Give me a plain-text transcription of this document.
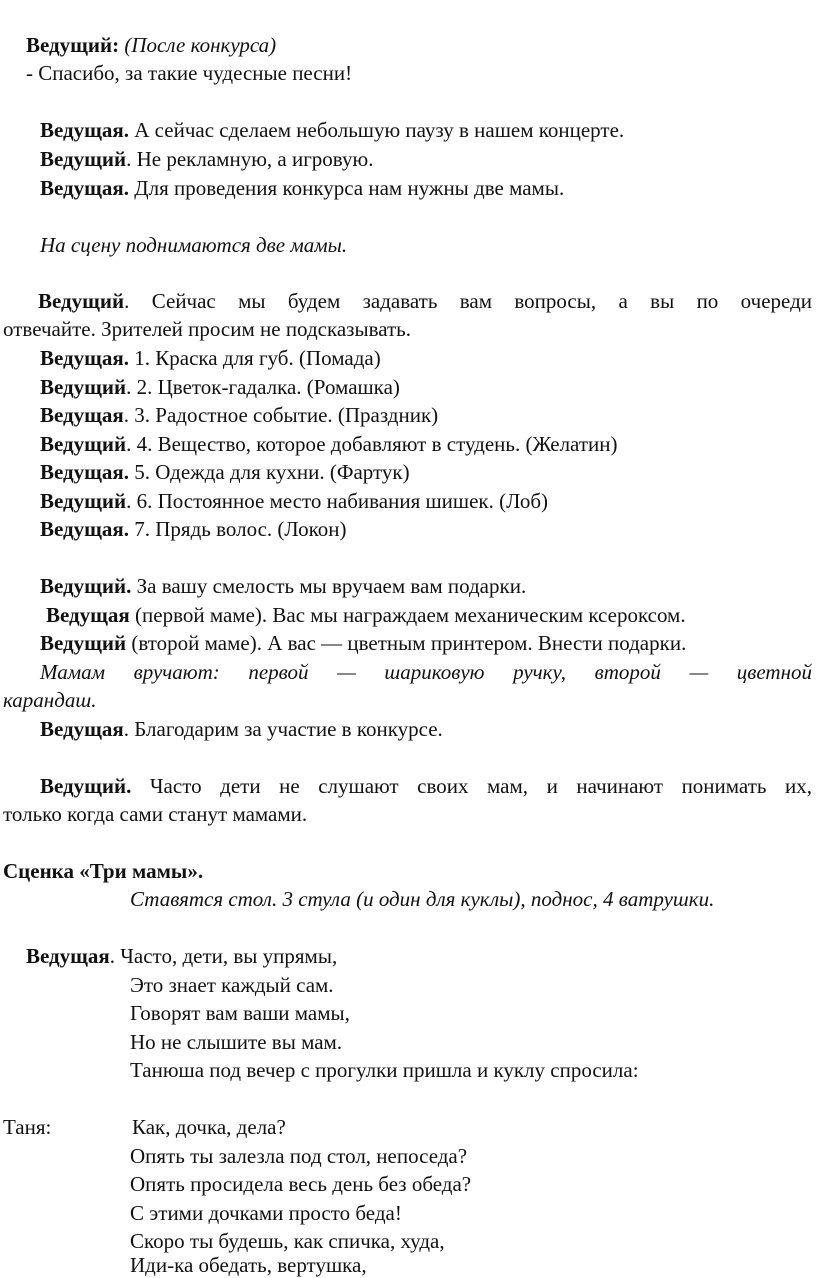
Ведущий: (После конкурса)
- Спасибо, за такие чудесные песни!
Ведущая. А сейчас сделаем небольшую паузу в нашем концерте.
Ведущий. Не рекламную, а игровую.
Ведущая. Для проведения конкурса нам нужны две мамы.
На сцену поднимаются две мамы.
Ведущий. Сейчас мы будем задавать вам вопросы, а вы по очереди
отвечайте. Зрителей просим не подсказывать.
Ведущая. 1. Краска для губ. (Помада)
Ведущий. 2. Цветок-гадалка. (Ромашка)
Ведущая. 3. Радостное событие. (Праздник)
Ведущий. 4. Вещество, которое добавляют в студень. (Желатин)
Ведущая. 5. Одежда для кухни. (Фартук)
Ведущий. 6. Постоянное место набивания шишек. (Лоб)
Ведущая. 7. Прядь волос. (Локон)
Ведущий. За вашу смелость мы вручаем вам подарки.
Ведущая (первой маме). Вас мы награждаем механическим ксероксом.
Ведущий (второй маме). А вас — цветным принтером. Внести подарки.
Мамам вручают: первой — шариковую ручку, второй — цветной
карандаш.
Ведущая. Благодарим за участие в конкурсе.
Ведущий. Часто дети не слушают своих мам, и начинают понимать их,
только когда сами станут мамами.
Сценка «Три мамы».
Ставятся стол. 3 стула (и один для куклы), поднос, 4 ватрушки.
Ведущая. Часто, дети, вы упрямы,
Это знает каждый сам.
Говорят вам ваши мамы,
Но не слышите вы мам.
Танюша под вечер с прогулки пришла и куклу спросила:
Таня:	Как, дочка, дела?
Опять ты залезла под стол, непоседа?
Опять просидела весь день без обеда?
С этими дочками просто беда!
Скоро ты будешь, как спичка, худа,
Иди-ка обедать, вертушка,
